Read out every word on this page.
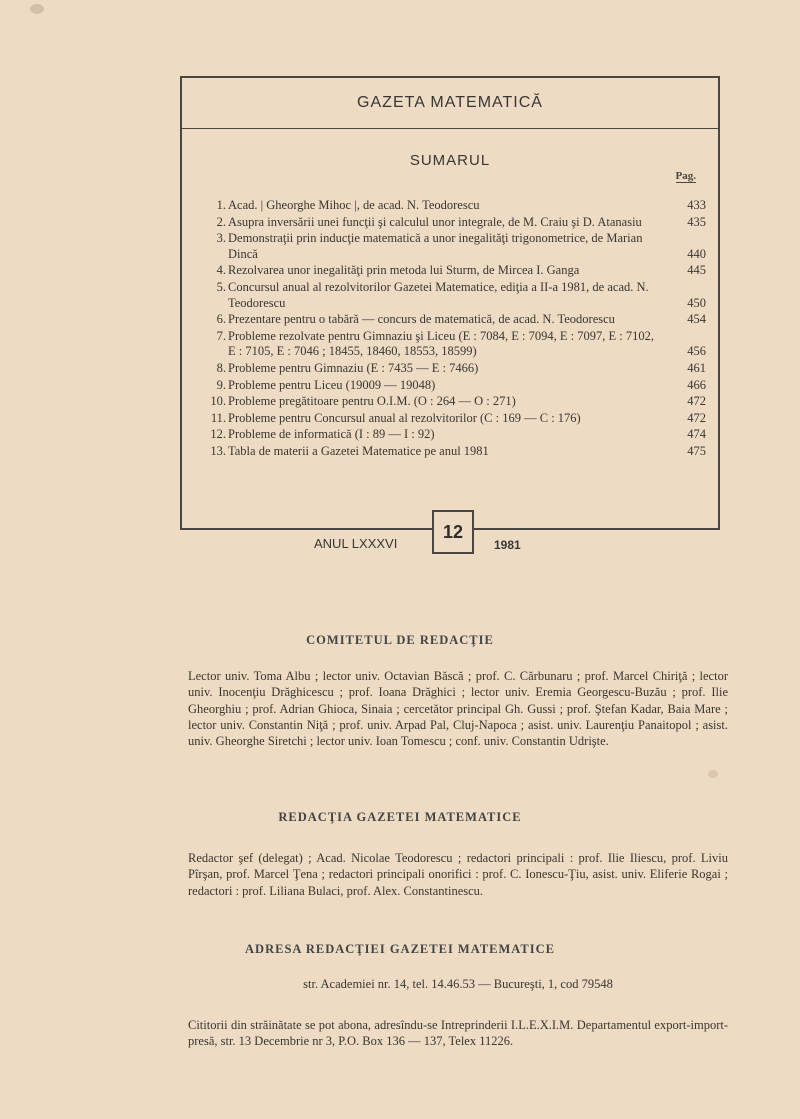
GAZETA MATEMATICĂ
SUMARUL
Pag.
1. Acad. | Gheorghe Mihoc |, de acad. N. Teodorescu	433
2. Asupra inversării unei funcţii şi calculul unor integrale, de M. Craiu şi D. Atanasiu	435
3. Demonstraţii prin inducţie matematică a unor inegalităţi trigonometrice, de Marian Dincă	440
4. Rezolvarea unor inegalităţi prin metoda lui Sturm, de Mircea I. Ganga	445
5. Concursul anual al rezolvitorilor Gazetei Matematice, ediţia a II-a 1981, de acad. N. Teodorescu	450
6. Prezentare pentru o tabără — concurs de matematică, de acad. N. Teodorescu	454
7. Probleme rezolvate pentru Gimnaziu şi Liceu (E : 7084, E : 7094, E : 7097, E : 7102, E : 7105, E : 7046 ; 18455, 18460, 18553, 18599)	456
8. Probleme pentru Gimnaziu (E : 7435 — E : 7466)	461
9. Probleme pentru Liceu (19009 — 19048)	466
10. Probleme pregătitoare pentru O.I.M. (O : 264 — O : 271)	472
11. Probleme pentru Concursul anual al rezolvitorilor (C : 169 — C : 176)	472
12. Probleme de informatică (I : 89 — I : 92)	474
13. Tabla de materii a Gazetei Matematice pe anul 1981	475
ANUL LXXXVI
12
1981
COMITETUL DE REDACŢIE
Lector univ. Toma Albu ; lector univ. Octavian Băscă ; prof. C. Cărbunaru ; prof. Marcel Chiriţă ; lector univ. Inocenţiu Drăghicescu ; prof. Ioana Drăghici ; lector univ. Eremia Georgescu-Buzău ; prof. Ilie Gheorghiu ; prof. Adrian Ghioca, Sinaia ; cercetător principal Gh. Gussi ; prof. Ştefan Kadar, Baia Mare ; lector univ. Constantin Niţă ; prof. univ. Arpad Pal, Cluj-Napoca ; asist. univ. Laurenţiu Panaitopol ; asist. univ. Gheorghe Siretchi ; lector univ. Ioan Tomescu ; conf. univ. Constantin Udrişte.
REDACŢIA GAZETEI MATEMATICE
Redactor şef (delegat) ; Acad. Nicolae Teodorescu ; redactori principali : prof. Ilie Iliescu, prof. Liviu Pîrşan, prof. Marcel Ţena ; redactori principali onorifici : prof. C. Ionescu-Ţiu, asist. univ. Eliferie Rogai ; redactori : prof. Liliana Bulaci, prof. Alex. Constantinescu.
ADRESA REDACŢIEI GAZETEI MATEMATICE
str. Academiei nr. 14, tel. 14.46.53 — Bucureşti, 1, cod 79548
Cititorii din străinătate se pot abona, adresîndu-se Intreprinderii I.L.E.X.I.M. Departamentul export-import-presă, str. 13 Decembrie nr 3, P.O. Box 136 — 137, Telex 11226.
